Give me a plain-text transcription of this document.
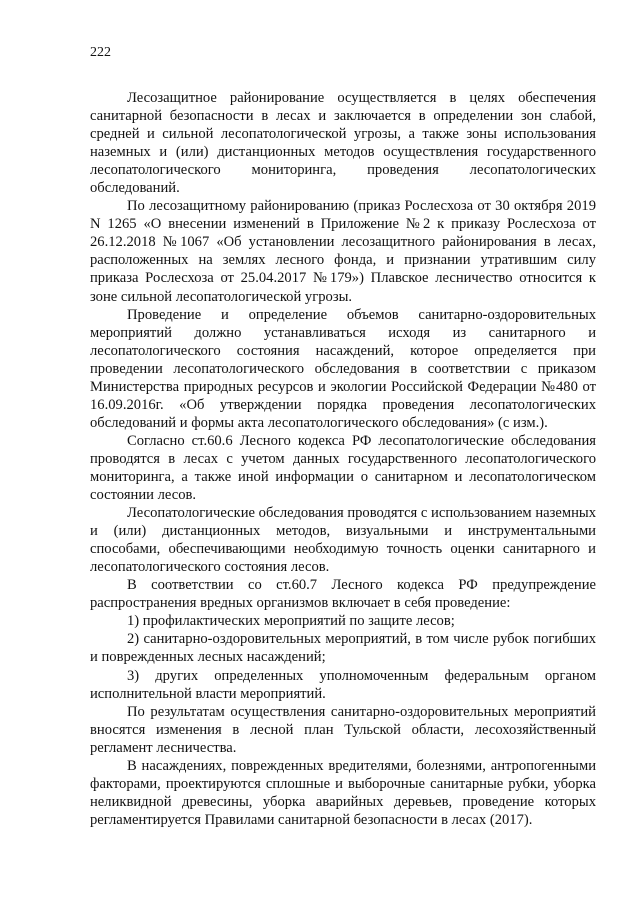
222

Лесозащитное районирование осуществляется в целях обеспечения санитарной безопасности в лесах и заключается в определении зон слабой, средней и сильной лесопатологической угрозы, а также зоны использования наземных и (или) дистанционных методов осуществления государственного лесопатологического мониторинга, проведения лесопатологических обследований.

По лесозащитному районированию (приказ Рослесхоза от 30 октября 2019 N 1265 «О внесении изменений в Приложение №2 к приказу Рослесхоза от 26.12.2018 №1067 «Об установлении лесозащитного районирования в лесах, расположенных на землях лесного фонда, и признании утратившим силу приказа Рослесхоза от 25.04.2017 №179») Плавское лесничество относится к зоне сильной лесопатологической угрозы.

Проведение и определение объемов санитарно-оздоровительных мероприятий должно устанавливаться исходя из санитарного и лесопатологического состояния насаждений, которое определяется при проведении лесопатологического обследования в соответствии с приказом Министерства природных ресурсов и экологии Российской Федерации №480 от 16.09.2016г. «Об утверждении порядка проведения лесопатологических обследований и формы акта лесопатологического обследования» (с изм.).

Согласно ст.60.6 Лесного кодекса РФ лесопатологические обследования проводятся в лесах с учетом данных государственного лесопатологического мониторинга, а также иной информации о санитарном и лесопатологическом состоянии лесов.

Лесопатологические обследования проводятся с использованием наземных и (или) дистанционных методов, визуальными и инструментальными способами, обеспечивающими необходимую точность оценки санитарного и лесопатологического состояния лесов.

В соответствии со ст.60.7 Лесного кодекса РФ предупреждение распространения вредных организмов включает в себя проведение:

1) профилактических мероприятий по защите лесов;

2) санитарно-оздоровительных мероприятий, в том числе рубок погибших и поврежденных лесных насаждений;

3) других определенных уполномоченным федеральным органом исполнительной власти мероприятий.

По результатам осуществления санитарно-оздоровительных мероприятий вносятся изменения в лесной план Тульской области, лесохозяйственный регламент лесничества.

В насаждениях, поврежденных вредителями, болезнями, антропогенными факторами, проектируются сплошные и выборочные санитарные рубки, уборка неликвидной древесины, уборка аварийных деревьев, проведение которых регламентируется Правилами санитарной безопасности в лесах (2017).
